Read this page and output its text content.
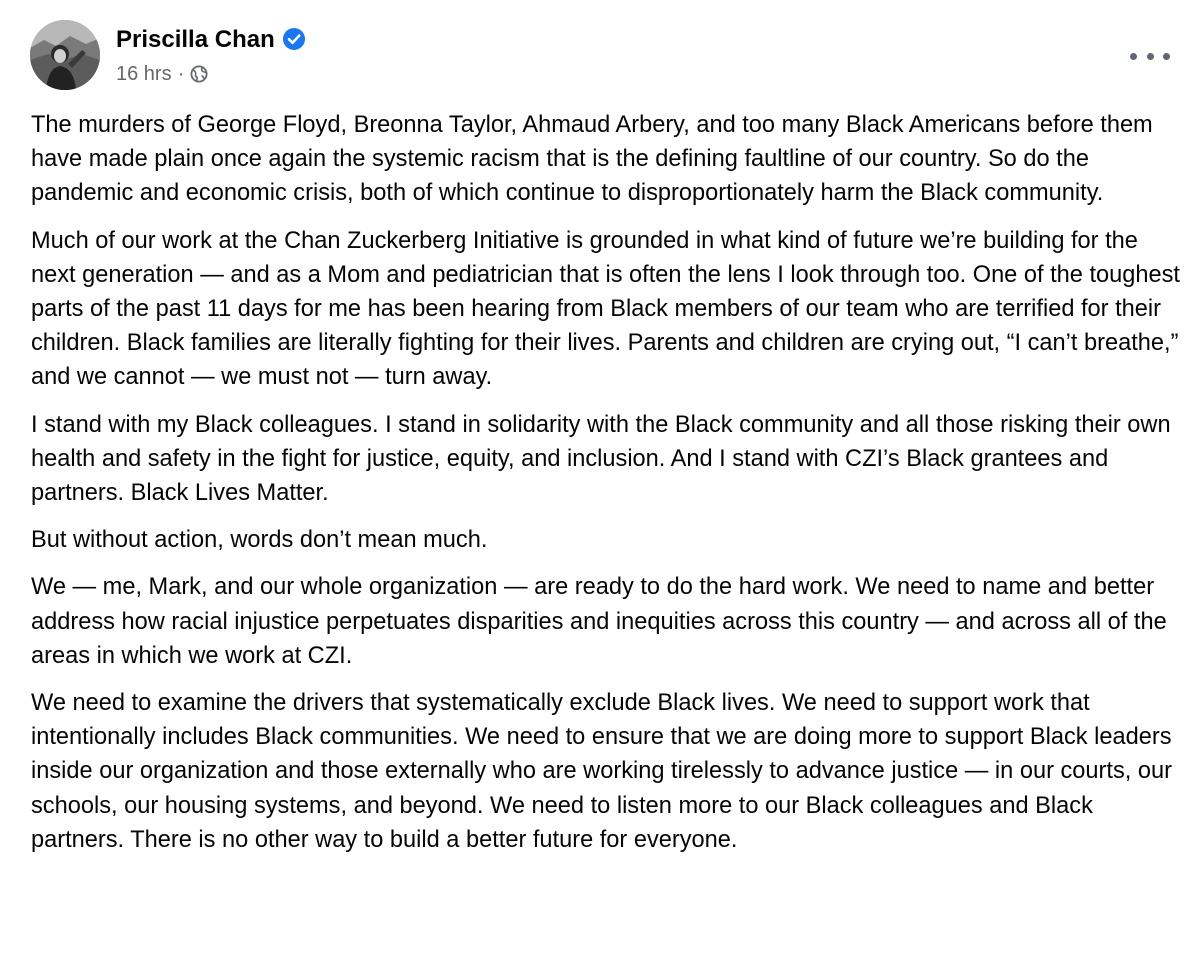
Priscilla Chan
16 hrs ·

The murders of George Floyd, Breonna Taylor, Ahmaud Arbery, and too many Black Americans before them have made plain once again the systemic racism that is the defining faultline of our country. So do the pandemic and economic crisis, both of which continue to disproportionately harm the Black community.

Much of our work at the Chan Zuckerberg Initiative is grounded in what kind of future we’re building for the next generation — and as a Mom and pediatrician that is often the lens I look through too. One of the toughest parts of the past 11 days for me has been hearing from Black members of our team who are terrified for their children. Black families are literally fighting for their lives. Parents and children are crying out, “I can’t breathe,” and we cannot — we must not — turn away.

I stand with my Black colleagues. I stand in solidarity with the Black community and all those risking their own health and safety in the fight for justice, equity, and inclusion. And I stand with CZI’s Black grantees and partners. Black Lives Matter.

But without action, words don’t mean much.

We — me, Mark, and our whole organization — are ready to do the hard work. We need to name and better address how racial injustice perpetuates disparities and inequities across this country — and across all of the areas in which we work at CZI.

We need to examine the drivers that systematically exclude Black lives. We need to support work that intentionally includes Black communities. We need to ensure that we are doing more to support Black leaders inside our organization and those externally who are working tirelessly to advance justice — in our courts, our schools, our housing systems, and beyond. We need to listen more to our Black colleagues and Black partners. There is no other way to build a better future for everyone.
